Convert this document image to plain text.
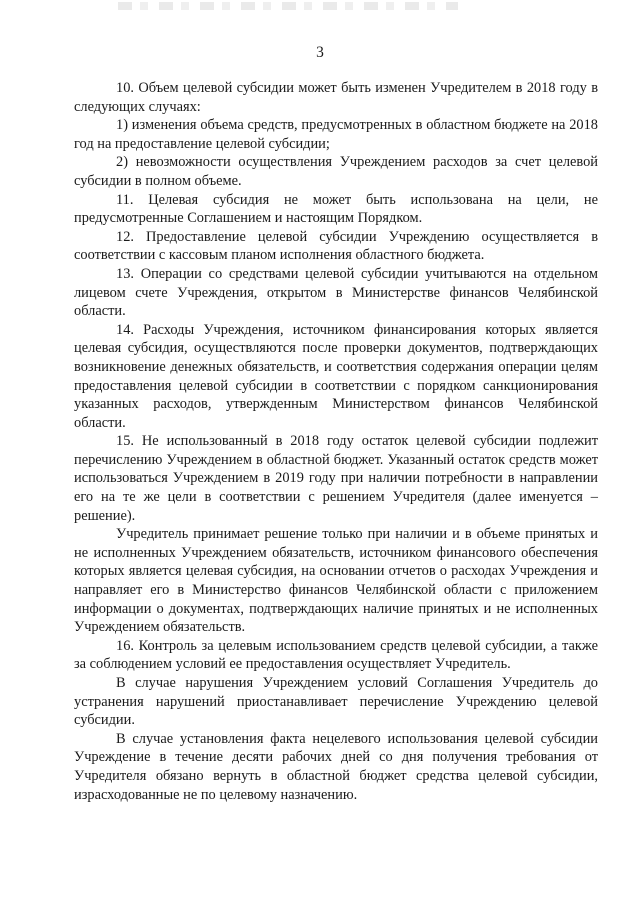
3

10. Объем целевой субсидии может быть изменен Учредителем в 2018 году в следующих случаях:

1) изменения объема средств, предусмотренных в областном бюджете на 2018 год на предоставление целевой субсидии;

2) невозможности осуществления Учреждением расходов за счет целевой субсидии в полном объеме.

11. Целевая субсидия не может быть использована на цели, не предусмотренные Соглашением и настоящим Порядком.

12. Предоставление целевой субсидии Учреждению осуществляется в соответствии с кассовым планом исполнения областного бюджета.

13. Операции со средствами целевой субсидии учитываются на отдельном лицевом счете Учреждения, открытом в Министерстве финансов Челябинской области.

14. Расходы Учреждения, источником финансирования которых является целевая субсидия, осуществляются после проверки документов, подтверждающих возникновение денежных обязательств, и соответствия содержания операции целям предоставления целевой субсидии в соответствии с порядком санкционирования указанных расходов, утвержденным Министерством финансов Челябинской области.

15. Не использованный в 2018 году остаток целевой субсидии подлежит перечислению Учреждением в областной бюджет. Указанный остаток средств может использоваться Учреждением в 2019 году при наличии потребности в направлении его на те же цели в соответствии с решением Учредителя (далее именуется – решение).

Учредитель принимает решение только при наличии и в объеме принятых и не исполненных Учреждением обязательств, источником финансового обеспечения которых является целевая субсидия, на основании отчетов о расходах Учреждения и направляет его в Министерство финансов Челябинской области с приложением информации о документах, подтверждающих наличие принятых и не исполненных Учреждением обязательств.

16. Контроль за целевым использованием средств целевой субсидии, а также за соблюдением условий ее предоставления осуществляет Учредитель.

В случае нарушения Учреждением условий Соглашения Учредитель до устранения нарушений приостанавливает перечисление Учреждению целевой субсидии.

В случае установления факта нецелевого использования целевой субсидии Учреждение в течение десяти рабочих дней со дня получения требования от Учредителя обязано вернуть в областной бюджет средства целевой субсидии, израсходованные не по целевому назначению.
